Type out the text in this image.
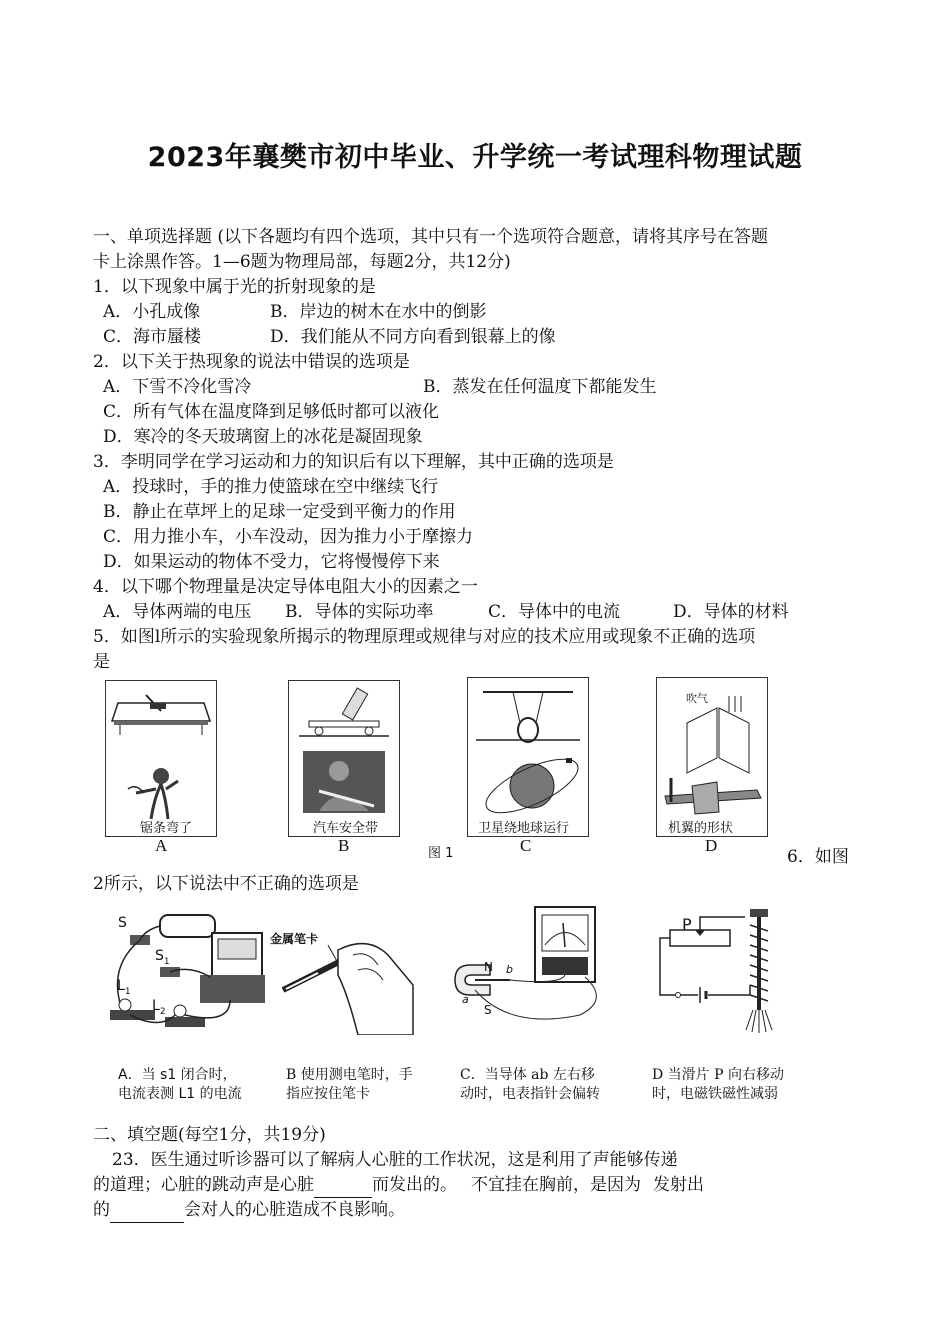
2023年襄樊市初中毕业、升学统一考试理科物理试题
一、单项选择题 (以下各题均有四个选项，其中只有一个选项符合题意，请将其序号在答题
卡上涂黑作答。1—6题为物理局部，每题2分，共12分)
1．以下现象中属于光的折射现象的是
A．小孔成像	B．岸边的树木在水中的倒影
C．海市蜃楼	D．我们能从不同方向看到银幕上的像
2．以下关于热现象的说法中错误的选项是
A．下雪不冷化雪冷	B．蒸发在任何温度下都能发生
C．所有气体在温度降到足够低时都可以液化
D．寒冷的冬天玻璃窗上的冰花是凝固现象
3．李明同学在学习运动和力的知识后有以下理解，其中正确的选项是
A．投球时，手的推力使篮球在空中继续飞行
B．静止在草坪上的足球一定受到平衡力的作用
C．用力推小车，小车没动，因为推力小于摩擦力
D．如果运动的物体不受力，它将慢慢停下来
4．以下哪个物理量是决定导体电阻大小的因素之一
A．导体两端的电压 B．导体的实际功率	C．导体中的电流	D．导体的材料
5．如图l所示的实验现象所揭示的物理原理或规律与对应的技术应用或现象不正确的选项
是
锯条弯了	汽车安全带	卫星绕地球运行
吹气
机翼的形状
A	B	图 1	C	D
6．如图
2所示，以下说法中不正确的选项是
S
$S_1$
$L_1$
$L_2$
金属笔卡
N
S
a
b
P
A．当 s1 闭合时，
电流表测 L1 的电流
B 使用测电笔时，手指应按住笔卡
C．当导体 ab 左右移动时，电表指针会偏转
D 当滑片 P 向右移动时，电磁铁磁性减弱
二、填空题(每空1分，共19分)
23．医生通过听诊器可以了解病人心脏的工作状况，这是利用了声能够传递
的道理；心脏的跳动声是心脏	而发出的。 不宜挂在胸前，是因为 发射出
的	会对人的心脏造成不良影响。
